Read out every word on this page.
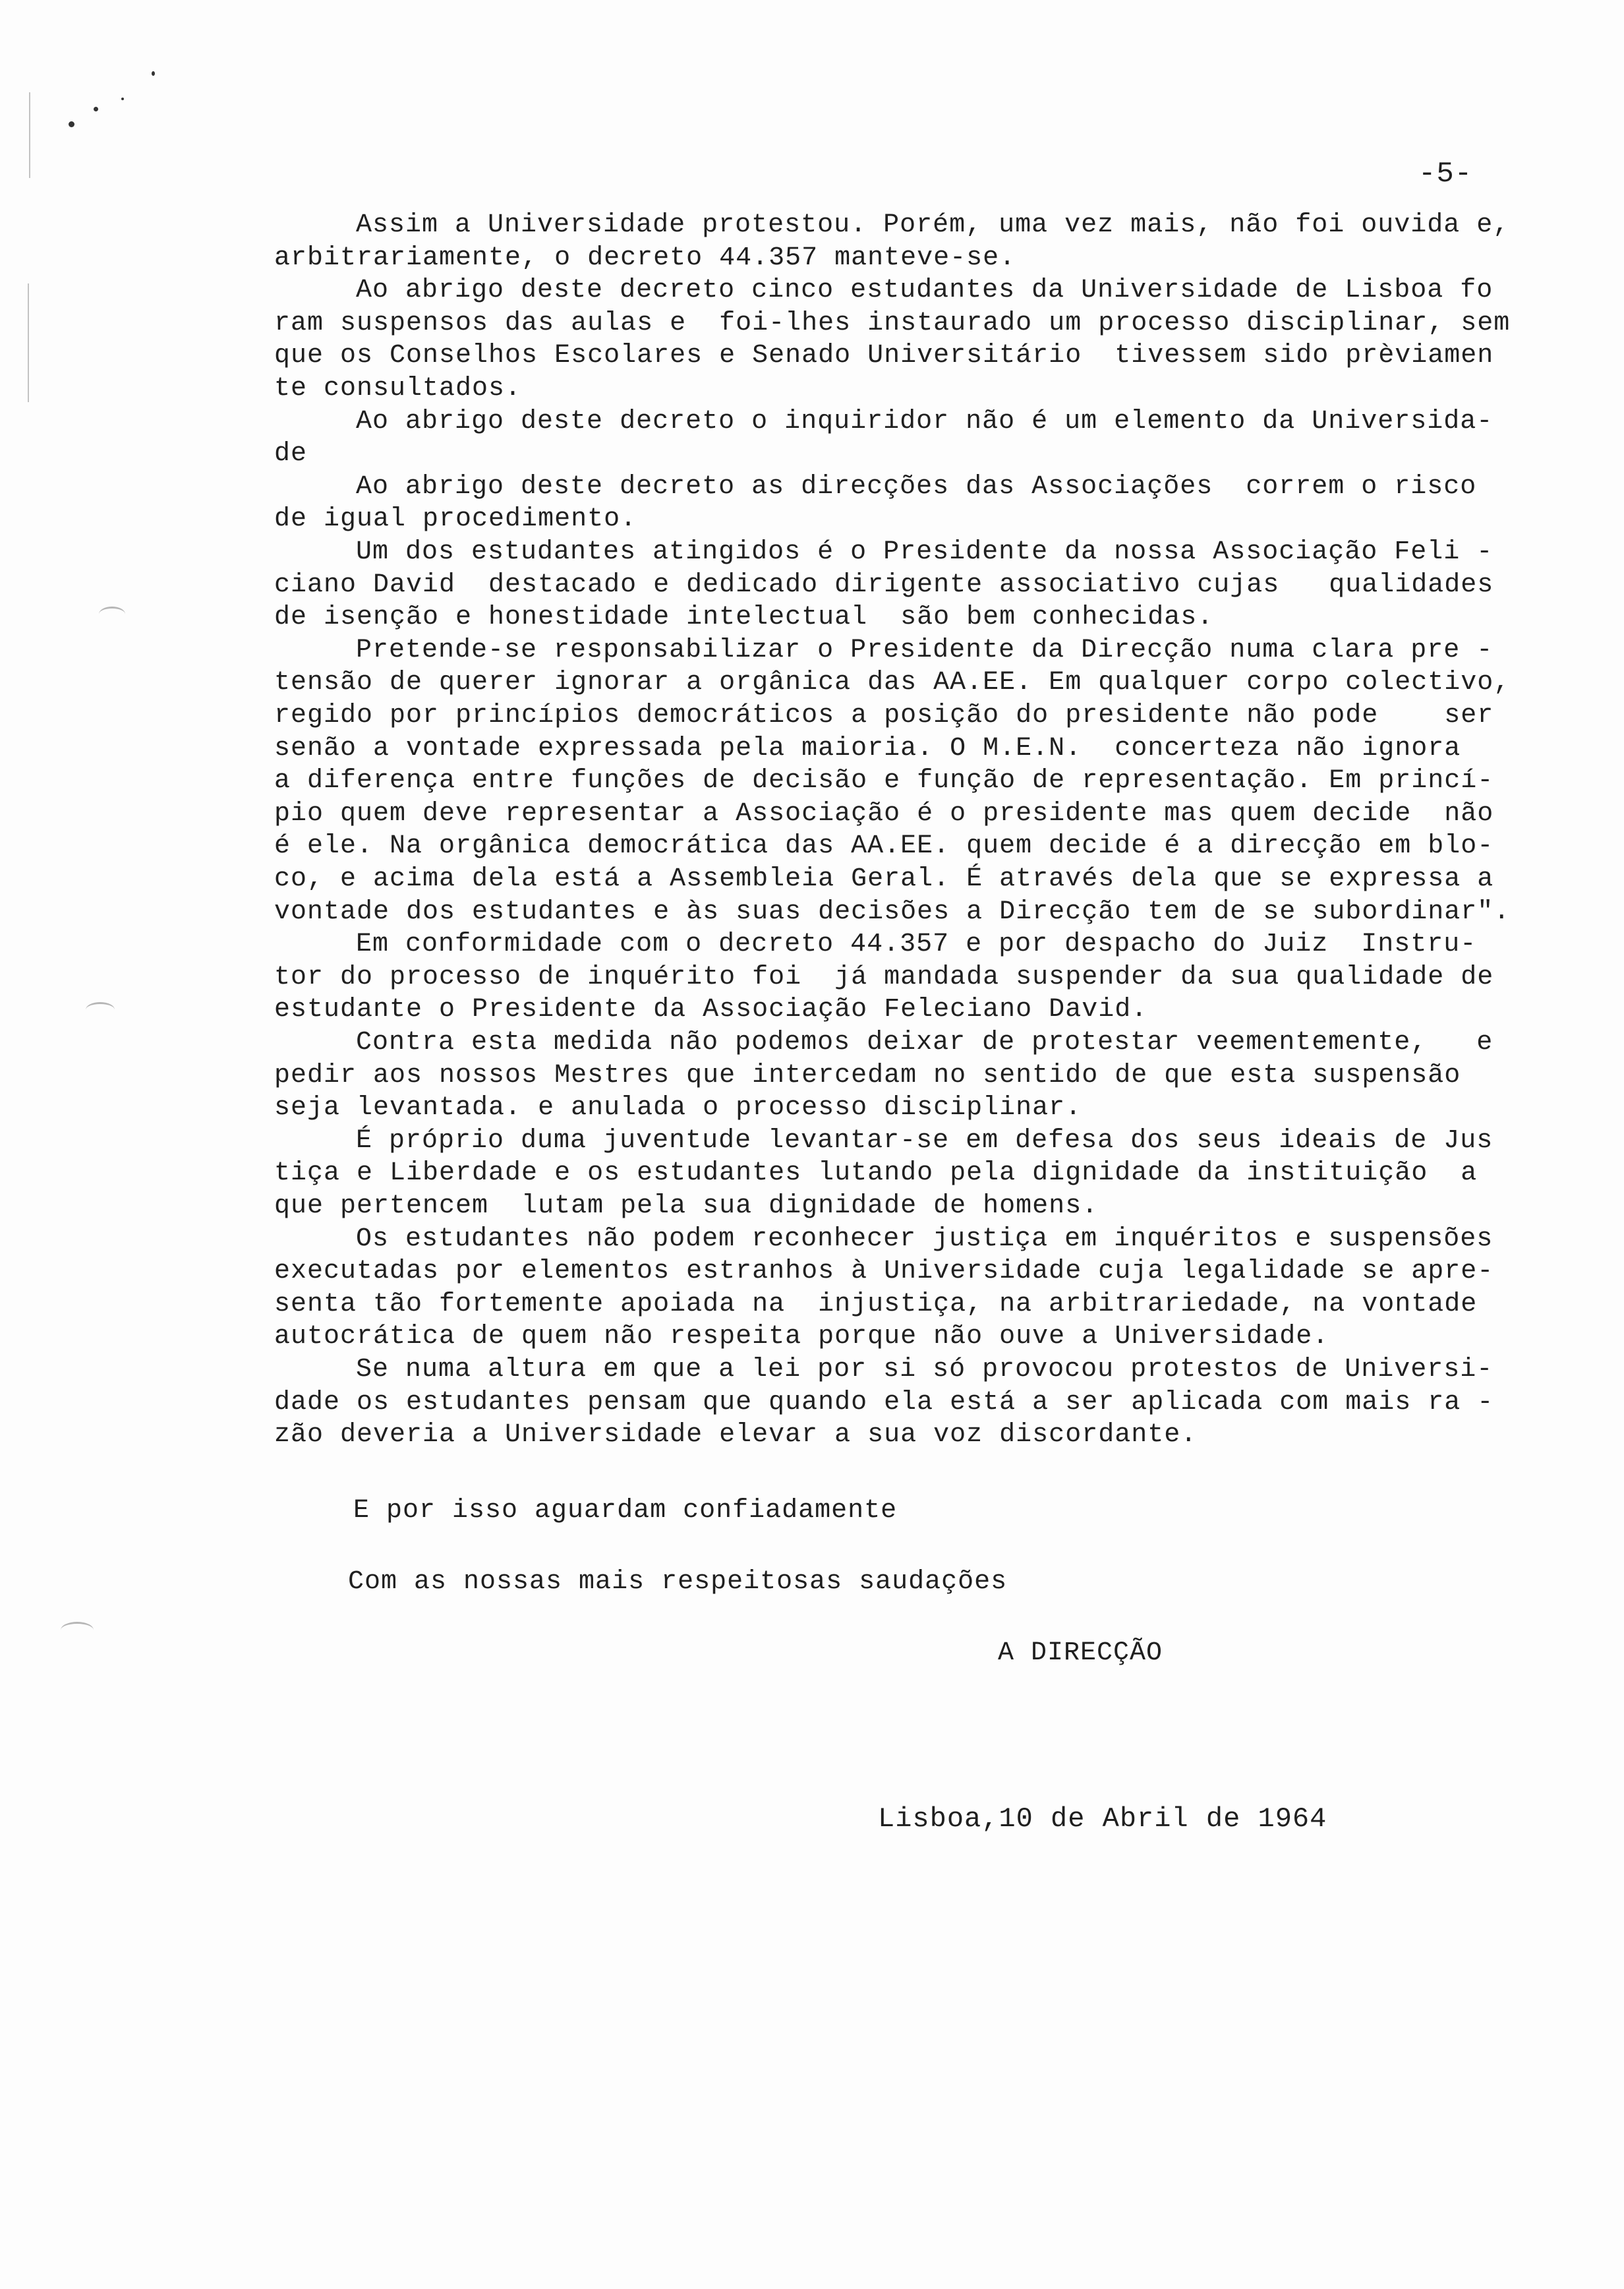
-5-
Assim a Universidade protestou. Porém, uma vez mais, não foi ouvida e,
arbitrariamente, o decreto 44.357 manteve-se.
Ao abrigo deste decreto cinco estudantes da Universidade de Lisboa fo
ram suspensos das aulas e  foi-lhes instaurado um processo disciplinar, sem
que os Conselhos Escolares e Senado Universitário  tivessem sido prèviamen
te consultados.
Ao abrigo deste decreto o inquiridor não é um elemento da Universida-
de
Ao abrigo deste decreto as direcções das Associações  correm o risco
de igual procedimento.
Um dos estudantes atingidos é o Presidente da nossa Associação Feli -
ciano David  destacado e dedicado dirigente associativo cujas   qualidades
de isenção e honestidade intelectual  são bem conhecidas.
Pretende-se responsabilizar o Presidente da Direcção numa clara pre -
tensão de querer ignorar a orgânica das AA.EE. Em qualquer corpo colectivo,
regido por princípios democráticos a posição do presidente não pode    ser
senão a vontade expressada pela maioria. O M.E.N.  concerteza não ignora
a diferença entre funções de decisão e função de representação. Em princí-
pio quem deve representar a Associação é o presidente mas quem decide  não
é ele. Na orgânica democrática das AA.EE. quem decide é a direcção em blo-
co, e acima dela está a Assembleia Geral. É através dela que se expressa a
vontade dos estudantes e às suas decisões a Direcção tem de se subordinar".
Em conformidade com o decreto 44.357 e por despacho do Juiz  Instru-
tor do processo de inquérito foi  já mandada suspender da sua qualidade de
estudante o Presidente da Associação Feleciano David.
Contra esta medida não podemos deixar de protestar veementemente,   e
pedir aos nossos Mestres que intercedam no sentido de que esta suspensão
seja levantada. e anulada o processo disciplinar.
É próprio duma juventude levantar-se em defesa dos seus ideais de Jus
tiça e Liberdade e os estudantes lutando pela dignidade da instituição  a
que pertencem  lutam pela sua dignidade de homens.
Os estudantes não podem reconhecer justiça em inquéritos e suspensões
executadas por elementos estranhos à Universidade cuja legalidade se apre-
senta tão fortemente apoiada na  injustiça, na arbitrariedade, na vontade
autocrática de quem não respeita porque não ouve a Universidade.
Se numa altura em que a lei por si só provocou protestos de Universi-
dade os estudantes pensam que quando ela está a ser aplicada com mais ra -
zão deveria a Universidade elevar a sua voz discordante.
E por isso aguardam confiadamente
Com as nossas mais respeitosas saudações
A DIRECÇÃO
Lisboa,10 de Abril de 1964
